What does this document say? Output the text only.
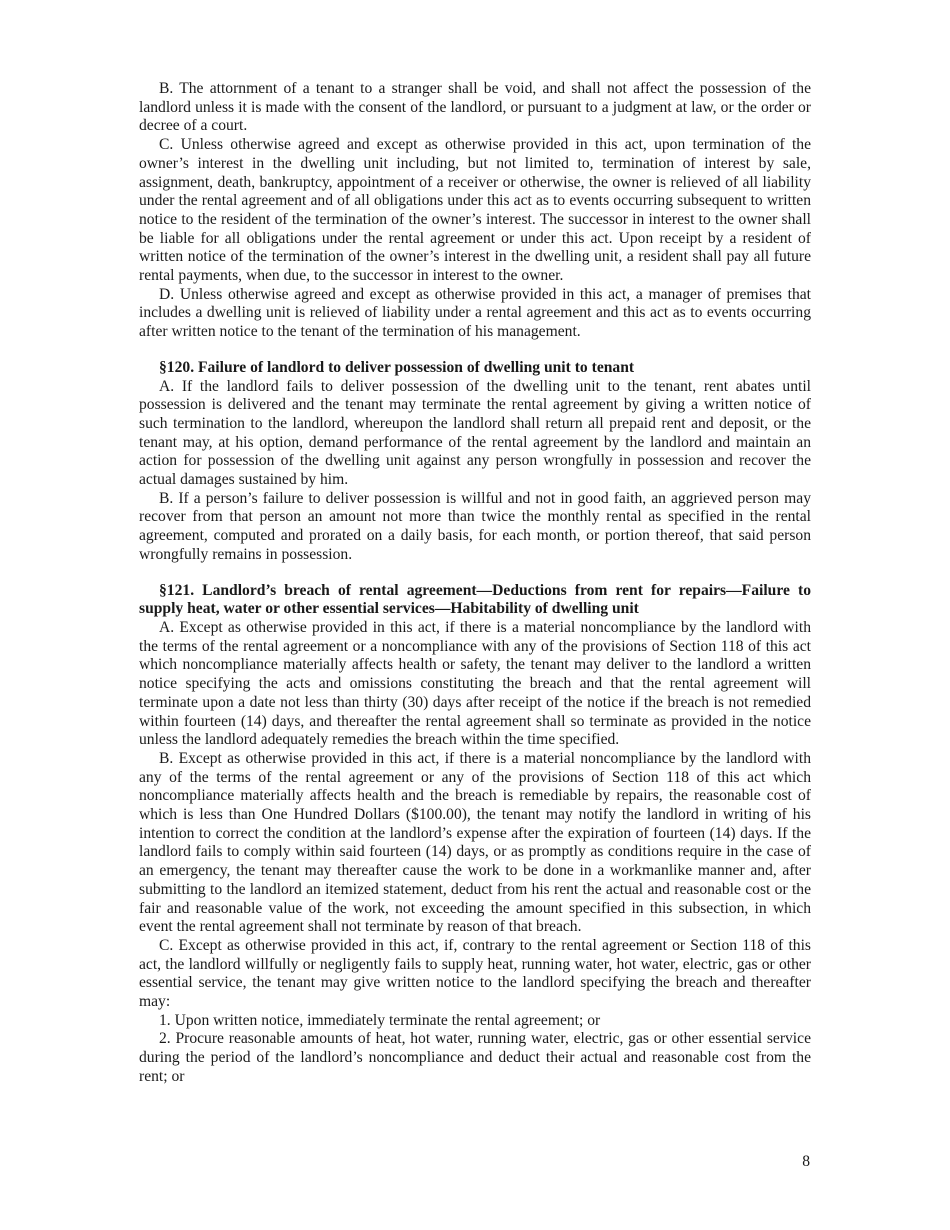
B. The attornment of a tenant to a stranger shall be void, and shall not affect the possession of the landlord unless it is made with the consent of the landlord, or pursuant to a judgment at law, or the order or decree of a court.

C. Unless otherwise agreed and except as otherwise provided in this act, upon termination of the owner’s interest in the dwelling unit including, but not limited to, termination of interest by sale, assignment, death, bankruptcy, appointment of a receiver or otherwise, the owner is relieved of all liability under the rental agreement and of all obligations under this act as to events occurring subsequent to written notice to the resident of the termination of the owner’s interest. The successor in interest to the owner shall be liable for all obligations under the rental agreement or under this act. Upon receipt by a resident of written notice of the termination of the owner’s interest in the dwelling unit, a resident shall pay all future rental payments, when due, to the successor in interest to the owner.

D. Unless otherwise agreed and except as otherwise provided in this act, a manager of premises that includes a dwelling unit is relieved of liability under a rental agreement and this act as to events occurring after written notice to the tenant of the termination of his management.

§120. Failure of landlord to deliver possession of dwelling unit to tenant

A. If the landlord fails to deliver possession of the dwelling unit to the tenant, rent abates until possession is delivered and the tenant may terminate the rental agreement by giving a written notice of such termination to the landlord, whereupon the landlord shall return all prepaid rent and deposit, or the tenant may, at his option, demand performance of the rental agreement by the landlord and maintain an action for possession of the dwelling unit against any person wrongfully in possession and recover the actual damages sustained by him.

B. If a person’s failure to deliver possession is willful and not in good faith, an aggrieved person may recover from that person an amount not more than twice the monthly rental as specified in the rental agreement, computed and prorated on a daily basis, for each month, or portion thereof, that said person wrongfully remains in possession.

§121. Landlord’s breach of rental agreement—Deductions from rent for repairs—Failure to supply heat, water or other essential services—Habitability of dwelling unit

A. Except as otherwise provided in this act, if there is a material noncompliance by the landlord with the terms of the rental agreement or a noncompliance with any of the provisions of Section 118 of this act which noncompliance materially affects health or safety, the tenant may deliver to the landlord a written notice specifying the acts and omissions constituting the breach and that the rental agreement will terminate upon a date not less than thirty (30) days after receipt of the notice if the breach is not remedied within fourteen (14) days, and thereafter the rental agreement shall so terminate as provided in the notice unless the landlord adequately remedies the breach within the time specified.

B. Except as otherwise provided in this act, if there is a material noncompliance by the landlord with any of the terms of the rental agreement or any of the provisions of Section 118 of this act which noncompliance materially affects health and the breach is remediable by repairs, the reasonable cost of which is less than One Hundred Dollars ($100.00), the tenant may notify the landlord in writing of his intention to correct the condition at the landlord’s expense after the expiration of fourteen (14) days. If the landlord fails to comply within said fourteen (14) days, or as promptly as conditions require in the case of an emergency, the tenant may thereafter cause the work to be done in a workmanlike manner and, after submitting to the landlord an itemized statement, deduct from his rent the actual and reasonable cost or the fair and reasonable value of the work, not exceeding the amount specified in this subsection, in which event the rental agreement shall not terminate by reason of that breach.

C. Except as otherwise provided in this act, if, contrary to the rental agreement or Section 118 of this act, the landlord willfully or negligently fails to supply heat, running water, hot water, electric, gas or other essential service, the tenant may give written notice to the landlord specifying the breach and thereafter may:

1. Upon written notice, immediately terminate the rental agreement; or

2. Procure reasonable amounts of heat, hot water, running water, electric, gas or other essential service during the period of the landlord’s noncompliance and deduct their actual and reasonable cost from the rent; or

8
